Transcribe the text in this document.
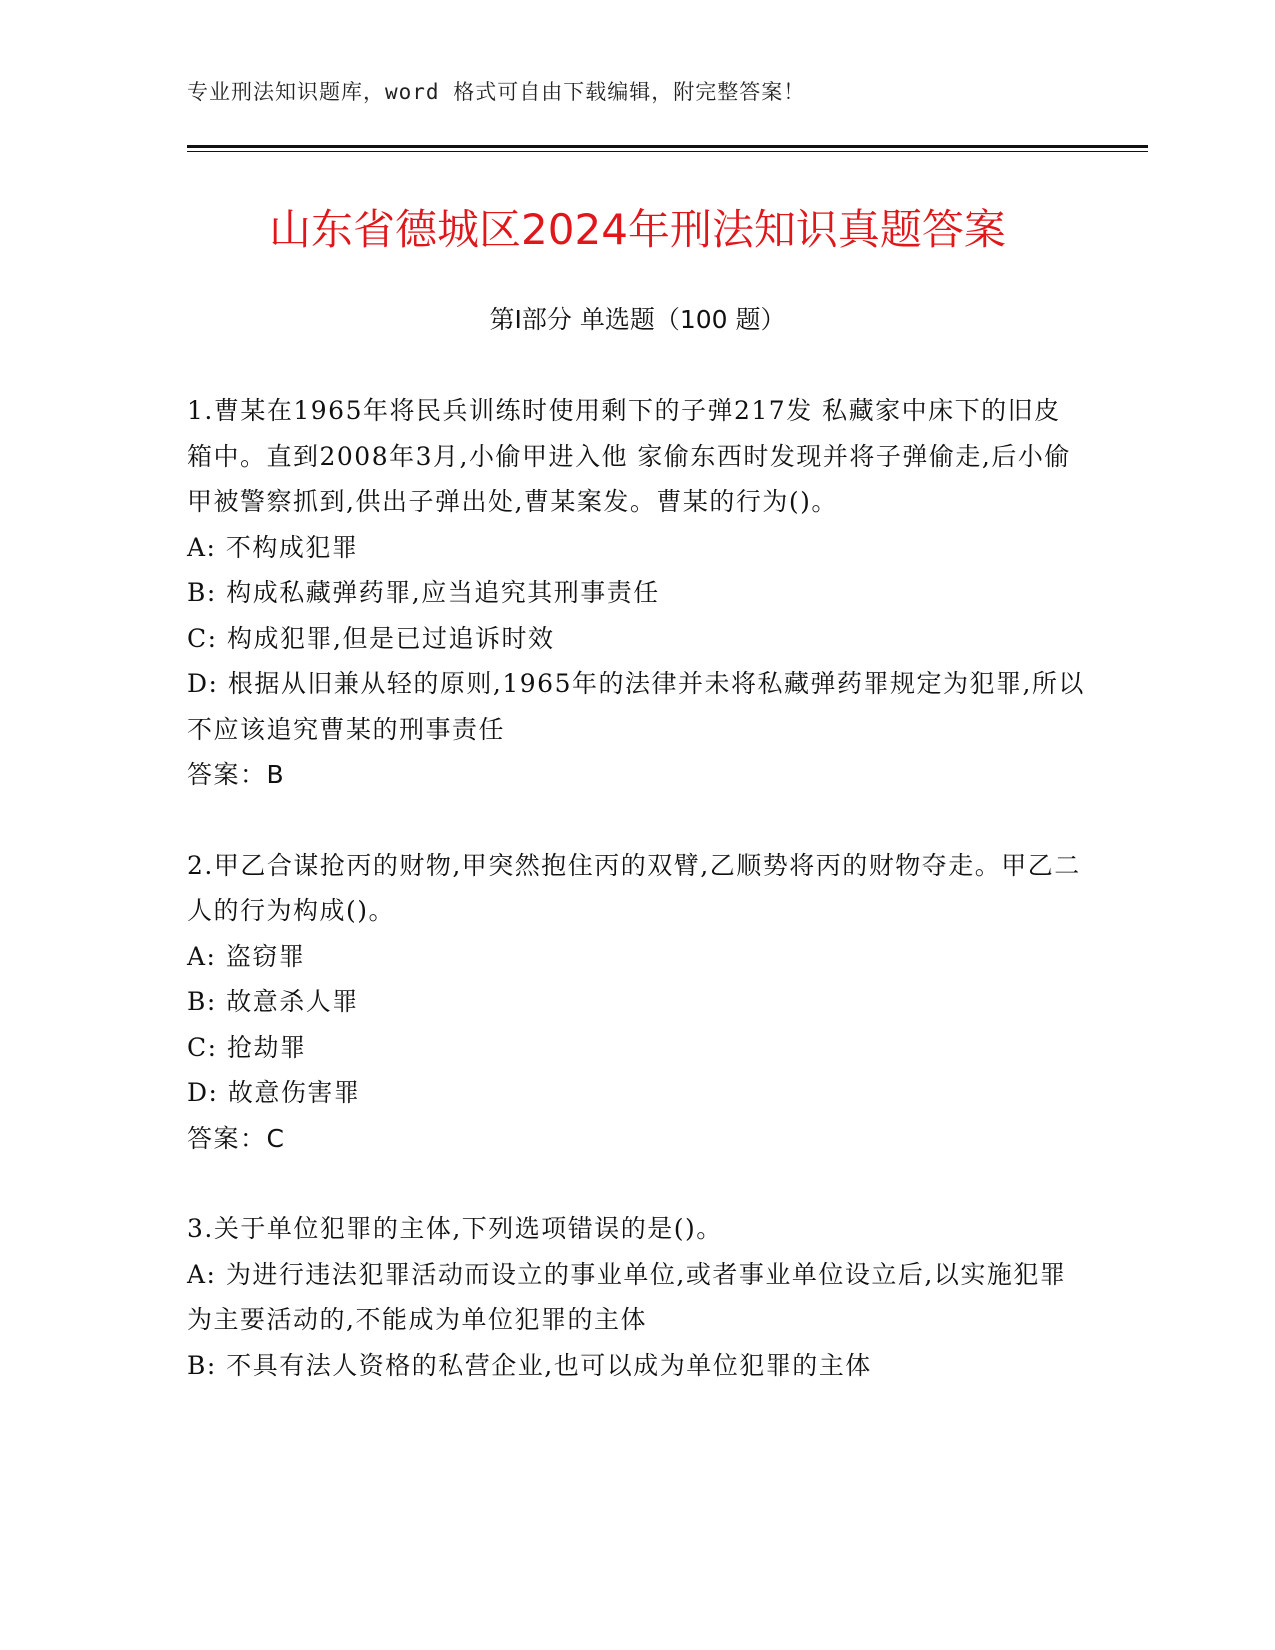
专业刑法知识题库，word 格式可自由下载编辑，附完整答案！
山东省德城区2024年刑法知识真题答案
第Ⅰ部分 单选题（100 题）

1.曹某在1965年将民兵训练时使用剩下的子弹217发 私藏家中床下的旧皮箱中。直到2008年3月,小偷甲进入他 家偷东西时发现并将子弹偷走,后小偷甲被警察抓到,供出子弹出处,曹某案发。曹某的行为()。

A: 不构成犯罪

B: 构成私藏弹药罪,应当追究其刑事责任

C: 构成犯罪,但是已过追诉时效

D: 根据从旧兼从轻的原则,1965年的法律并未将私藏弹药罪规定为犯罪,所以不应该追究曹某的刑事责任

答案：B

2.甲乙合谋抢丙的财物,甲突然抱住丙的双臂,乙顺势将丙的财物夺走。甲乙二人的行为构成()。

A: 盗窃罪

B: 故意杀人罪

C: 抢劫罪

D: 故意伤害罪

答案：C

3.关于单位犯罪的主体,下列选项错误的是()。

A: 为进行违法犯罪活动而设立的事业单位,或者事业单位设立后,以实施犯罪为主要活动的,不能成为单位犯罪的主体

B: 不具有法人资格的私营企业,也可以成为单位犯罪的主体
